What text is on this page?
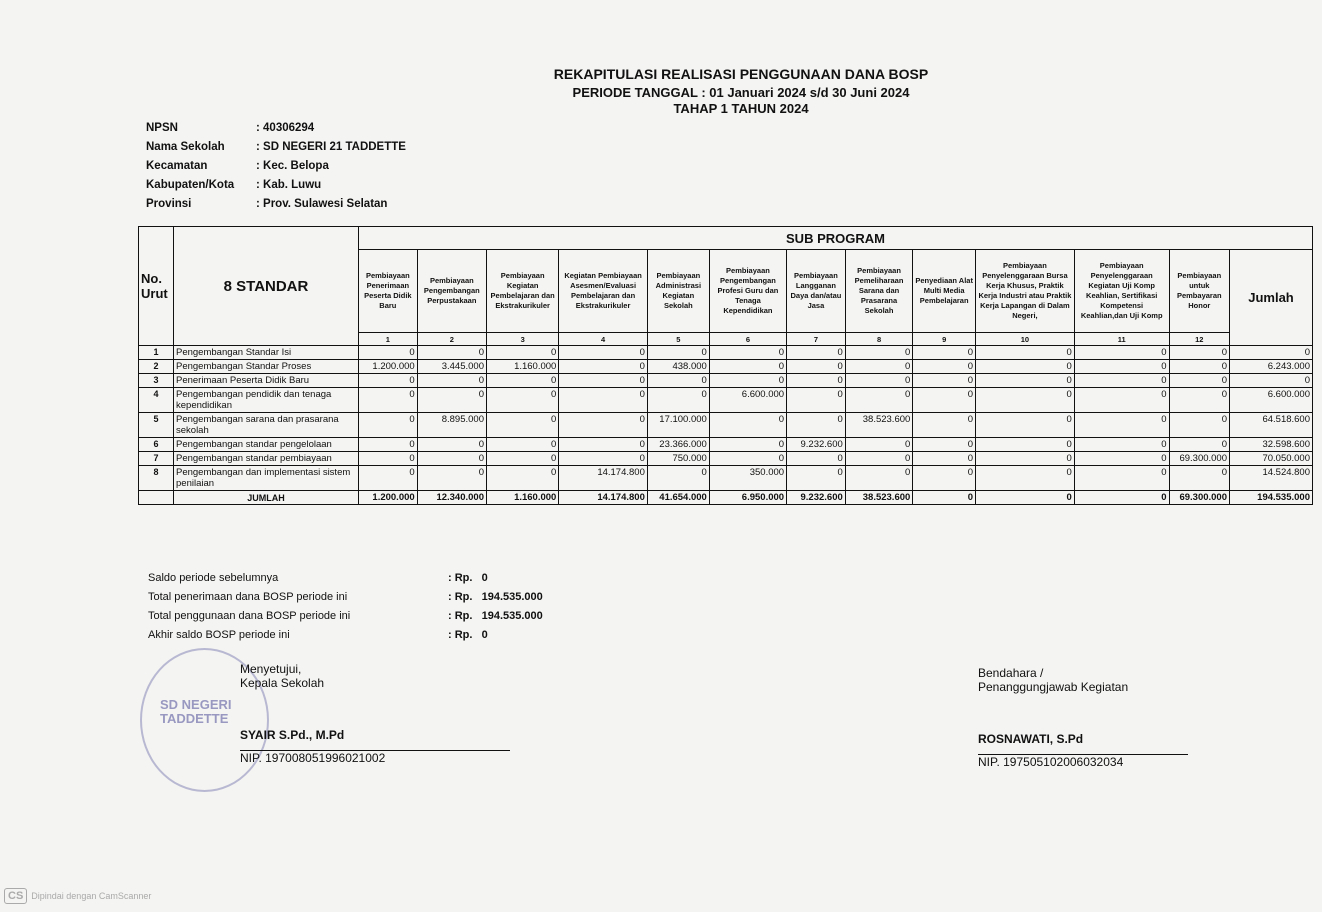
REKAPITULASI REALISASI PENGGUNAAN DANA BOSP
PERIODE TANGGAL : 01 Januari 2024 s/d 30 Juni 2024
TAHAP 1 TAHUN 2024
NPSN	: 40306294
Nama Sekolah	: SD NEGERI 21 TADDETTE
Kecamatan	: Kec. Belopa
Kabupaten/Kota	: Kab. Luwu
Provinsi	: Prov. Sulawesi Selatan
No. Urut	8 STANDAR	SUB PROGRAM												
		Pembiayaan Penerimaan Peserta Didik Baru	Pembiayaan Pengembangan Perpustakaan	Pembiayaan Kegiatan Pembelajaran dan Ekstrakurikuler	Kegiatan Pembiayaan Asesmen/Evaluasi Pembelajaran dan Ekstrakurikuler	Pembiayaan Administrasi Kegiatan Sekolah	Pembiayaan Pengembangan Profesi Guru dan Tenaga Kependidikan	Pembiayaan Langganan Daya dan/atau Jasa	Pembiayaan Pemeliharaan Sarana dan Prasarana Sekolah	Penyediaan Alat Multi Media Pembelajaran	Pembiayaan Penyelenggaraan Bursa Kerja Khusus, Praktik Kerja Industri atau Praktik Kerja Lapangan di Dalam Negeri,	Pembiayaan Penyelenggaraan Kegiatan Uji Komp Keahlian, Sertifikasi Kompetensi Keahlian,dan Uji Komp	Pembiayaan untuk Pembayaran Honor	Jumlah
		1	2	3	4	5	6	7	8	9	10	11	12	
1	Pengembangan Standar Isi	0	0	0	0	0	0	0	0	0	0	0	0	0
2	Pengembangan Standar Proses	1.200.000	3.445.000	1.160.000	0	438.000	0	0	0	0	0	0	0	6.243.000
3	Penerimaan Peserta Didik Baru	0	0	0	0	0	0	0	0	0	0	0	0	0
4	Pengembangan pendidik dan tenaga kependidikan	0	0	0	0	0	6.600.000	0	0	0	0	0	0	6.600.000
5	Pengembangan sarana dan prasarana sekolah	0	8.895.000	0	0	17.100.000	0	0	38.523.600	0	0	0	0	64.518.600
6	Pengembangan standar pengelolaan	0	0	0	0	23.366.000	0	9.232.600	0	0	0	0	0	32.598.600
7	Pengembangan standar pembiayaan	0	0	0	0	750.000	0	0	0	0	0	0	69.300.000	70.050.000
8	Pengembangan dan implementasi sistem penilaian	0	0	0	14.174.800	0	350.000	0	0	0	0	0	0	14.524.800
	JUMLAH	1.200.000	12.340.000	1.160.000	14.174.800	41.654.000	6.950.000	9.232.600	38.523.600	0	0	0	69.300.000	194.535.000
Saldo periode sebelumnya	: Rp.   0
Total penerimaan dana BOSP periode ini	: Rp.   194.535.000
Total penggunaan dana BOSP periode ini	: Rp.   194.535.000
Akhir saldo BOSP periode ini	: Rp.   0
SD NEGERI TADDETTE
Menyetujui,
Kepala Sekolah
SYAIR S.Pd., M.Pd
NIP. 197008051996021002
Bendahara /
Penanggungjawab Kegiatan
ROSNAWATI, S.Pd
NIP. 197505102006032034
CS Dipindai dengan CamScanner
